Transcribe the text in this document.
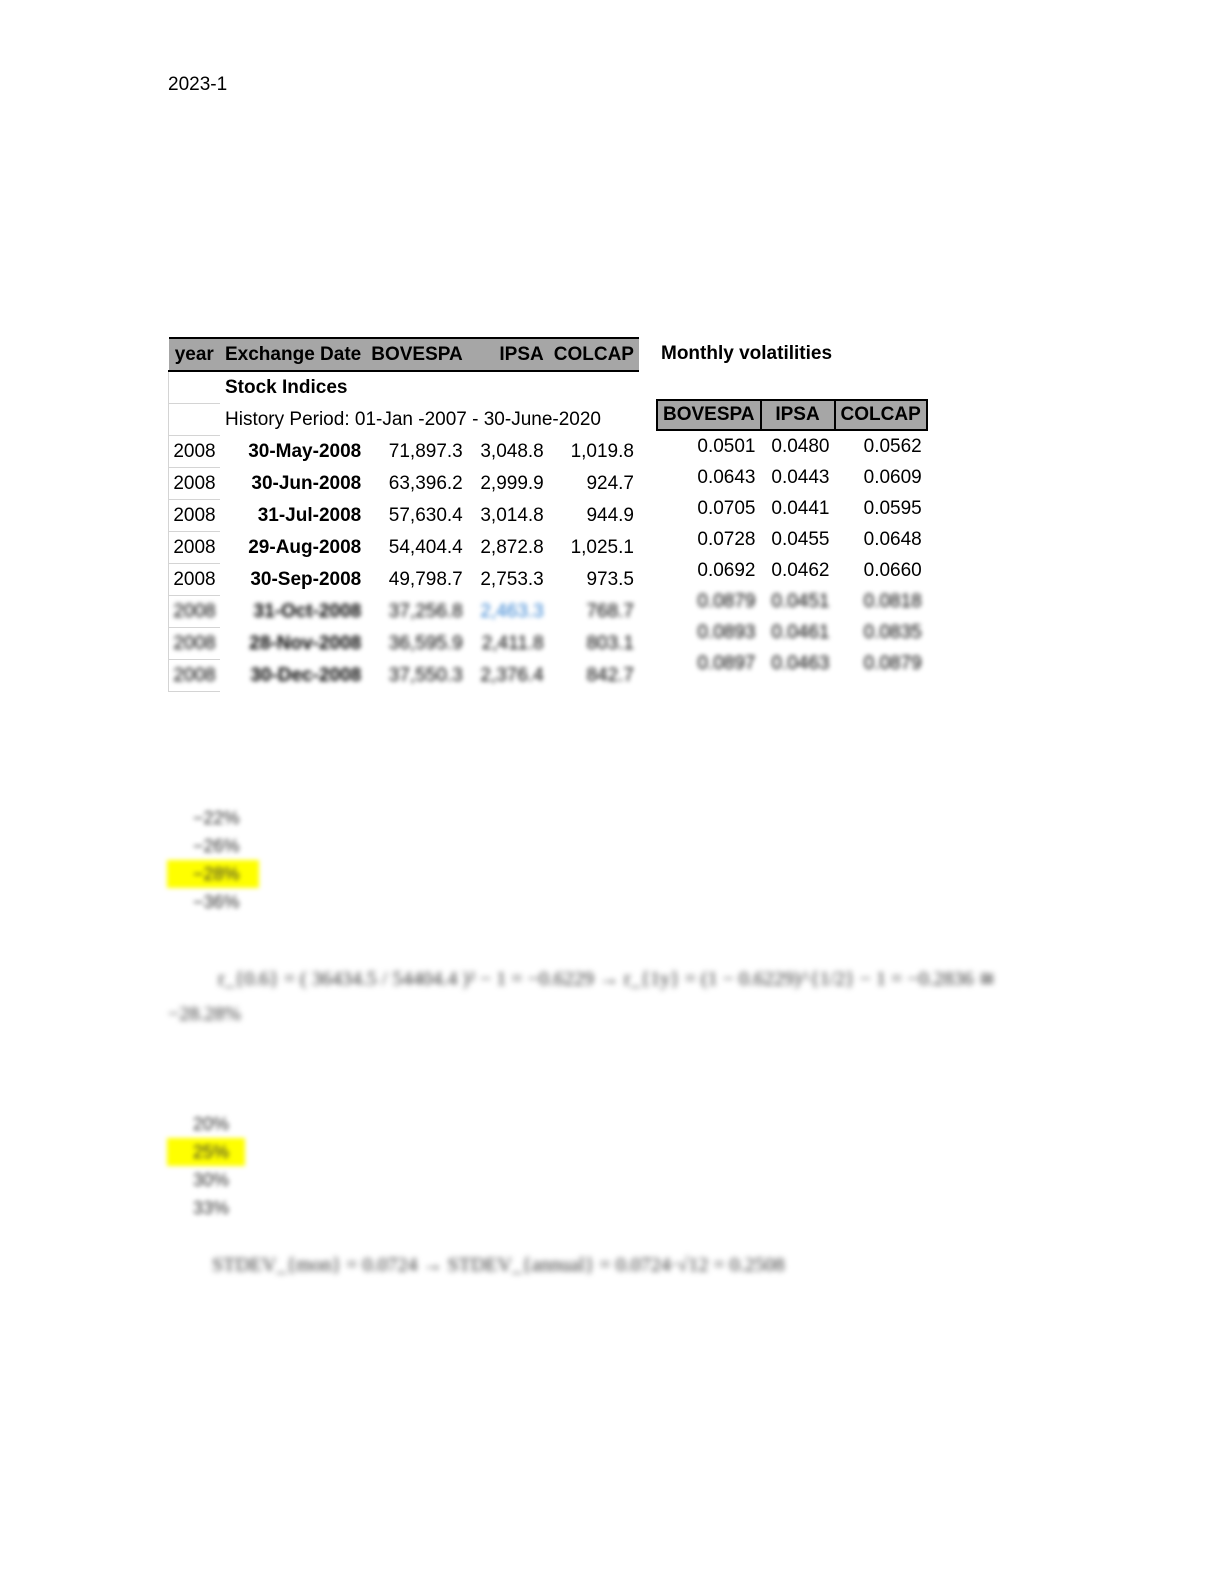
2023-1
	Stock Indices			
	History Period: 01-Jan -2007 - 30-June-2020			
year	Exchange Date	BOVESPA	IPSA	COLCAP
2008	30-May-2008	71,897.3	3,048.8	1,019.8
2008	30-Jun-2008	63,396.2	2,999.9	924.7
2008	31-Jul-2008	57,630.4	3,014.8	944.9
2008	29-Aug-2008	54,404.4	2,872.8	1,025.1
2008	30-Sep-2008	49,798.7	2,753.3	973.5
2008	31-Oct-2008	37,256.8	2,463.3	768.7
2008	28-Nov-2008	36,595.9	2,411.8	803.1
2008	30-Dec-2008	37,550.3	2,376.4	842.7
Monthly volatilities
BOVESPA	IPSA	COLCAP
0.0501	0.0480	0.0562
0.0643	0.0443	0.0609
0.0705	0.0441	0.0595
0.0728	0.0455	0.0648
0.0692	0.0462	0.0660
0.0879	0.0451	0.0818
0.0893	0.0461	0.0835
0.0897	0.0463	0.0879
−22%
−26%
−28%
−36%
r_{0.6} = ( 36434.5 / 54404.4 )² − 1 = −0.6229 → r_{1y} = (1 − 0.6229)^{1/2} − 1 = −0.2836 ≅
−28.28%
20%
25%
30%
33%
STDEV_{mon} = 0.0724 → STDEV_{annual} = 0.0724·√12 = 0.2508
